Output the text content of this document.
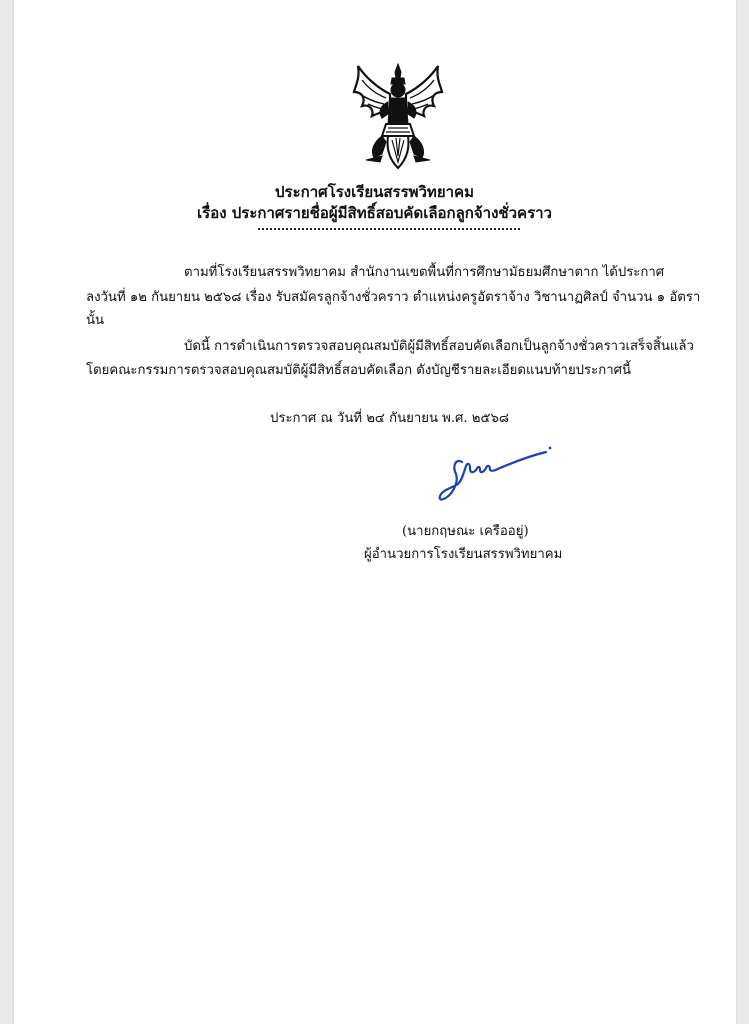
ประกาศโรงเรียนสรรพวิทยาคม
เรื่อง ประกาศรายชื่อผู้มีสิทธิ์สอบคัดเลือกลูกจ้างชั่วคราว
ตามที่โรงเรียนสรรพวิทยาคม สำนักงานเขตพื้นที่การศึกษามัธยมศึกษาตาก ได้ประกาศ
ลงวันที่ ๑๒ กันยายน ๒๕๖๘ เรื่อง รับสมัครลูกจ้างชั่วคราว ตำแหน่งครูอัตราจ้าง วิชานาฏศิลป์ จำนวน ๑ อัตรา
นั้น
บัดนี้ การดำเนินการตรวจสอบคุณสมบัติผู้มีสิทธิ์สอบคัดเลือกเป็นลูกจ้างชั่วคราวเสร็จสิ้นแล้ว
โดยคณะกรรมการตรวจสอบคุณสมบัติผู้มีสิทธิ์สอบคัดเลือก ดังบัญชีรายละเอียดแนบท้ายประกาศนี้
ประกาศ ณ วันที่ ๒๔ กันยายน พ.ศ. ๒๕๖๘
(นายกฤษณะ เครืออยู่)
ผู้อำนวยการโรงเรียนสรรพวิทยาคม
